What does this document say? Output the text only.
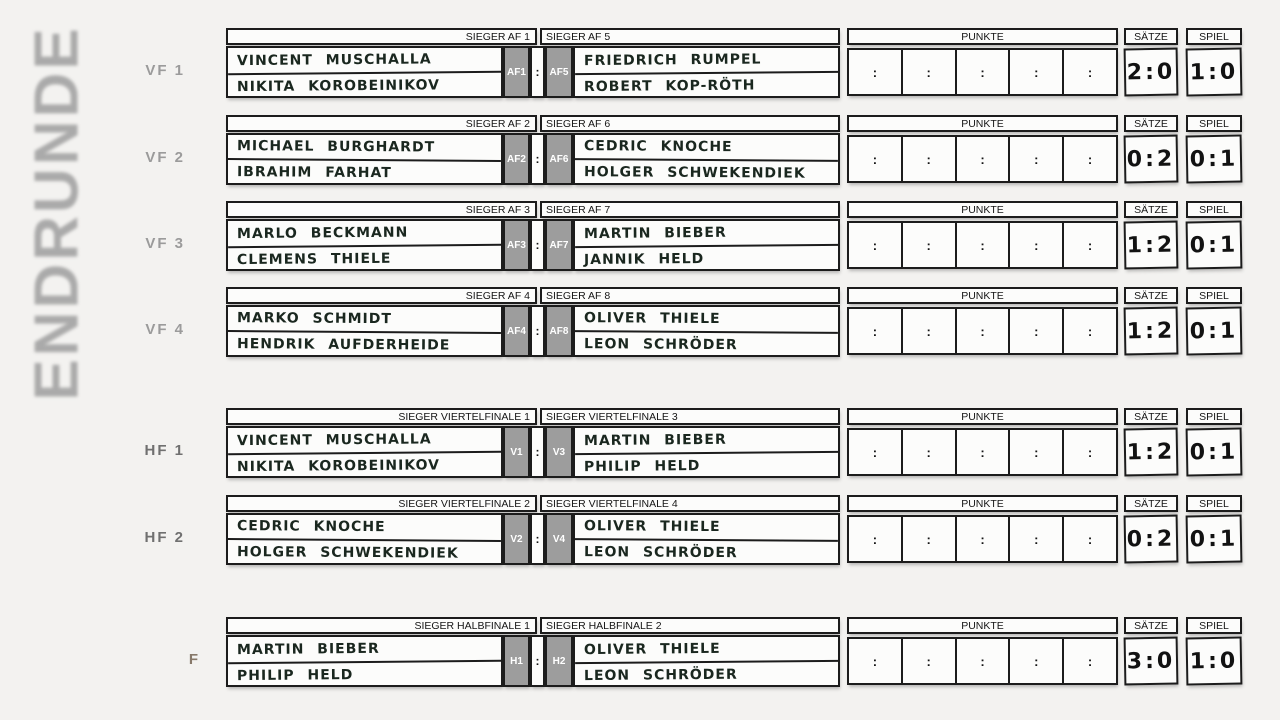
ENDRUNDE	VF 1
SIEGER AF 1	SIEGER AF 5
VINCENT MUSCHALLA
NIKITA KOROBEINIKOV
AF1 :	AF5
FRIEDRICH RUMPEL
ROBERT KOP-RÖTH
PUNKTE
:	:	:	:	:
SÄTZE
2:0
SPIEL
1:0
VF 2
SIEGER AF 2	SIEGER AF 6
MICHAEL BURGHARDT
IBRAHIM FARHAT
AF2 :	AF6
CEDRIC KNOCHE
HOLGER SCHWEKENDIEK
PUNKTE
:	:	:	:	:
SÄTZE
0:2
SPIEL
0:1
VF 3
SIEGER AF 3	SIEGER AF 7
MARLO BECKMANN
CLEMENS THIELE
AF3 :	AF7
MARTIN BIEBER
JANNIK HELD
PUNKTE
:	:	:	:	:
SÄTZE
1:2
SPIEL
0:1
VF 4
SIEGER AF 4	SIEGER AF 8
MARKO SCHMIDT
HENDRIK AUFDERHEIDE
AF4 :	AF8
OLIVER THIELE
LEON SCHRÖDER
PUNKTE
:	:	:	:	:
SÄTZE
1:2
SPIEL
0:1
HF 1
SIEGER VIERTELFINALE 1	SIEGER VIERTELFINALE 3
VINCENT MUSCHALLA
NIKITA KOROBEINIKOV
V1	:	V3
MARTIN BIEBER
PHILIP HELD
PUNKTE
:	:	:	:	:
SÄTZE
1:2
SPIEL
0:1
HF 2
SIEGER VIERTELFINALE 2	SIEGER VIERTELFINALE 4
CEDRIC KNOCHE
HOLGER SCHWEKENDIEK
V2	:	V4
OLIVER THIELE
LEON SCHRÖDER
PUNKTE
:	:	:	:	:
SÄTZE
0:2
SPIEL
0:1
F
SIEGER HALBFINALE 1	SIEGER HALBFINALE 2
MARTIN BIEBER
PHILIP HELD
H1	:	H2
OLIVER THIELE
LEON SCHRÖDER
PUNKTE
:	:	:	:	:
SÄTZE
3:0
SPIEL
1:0
